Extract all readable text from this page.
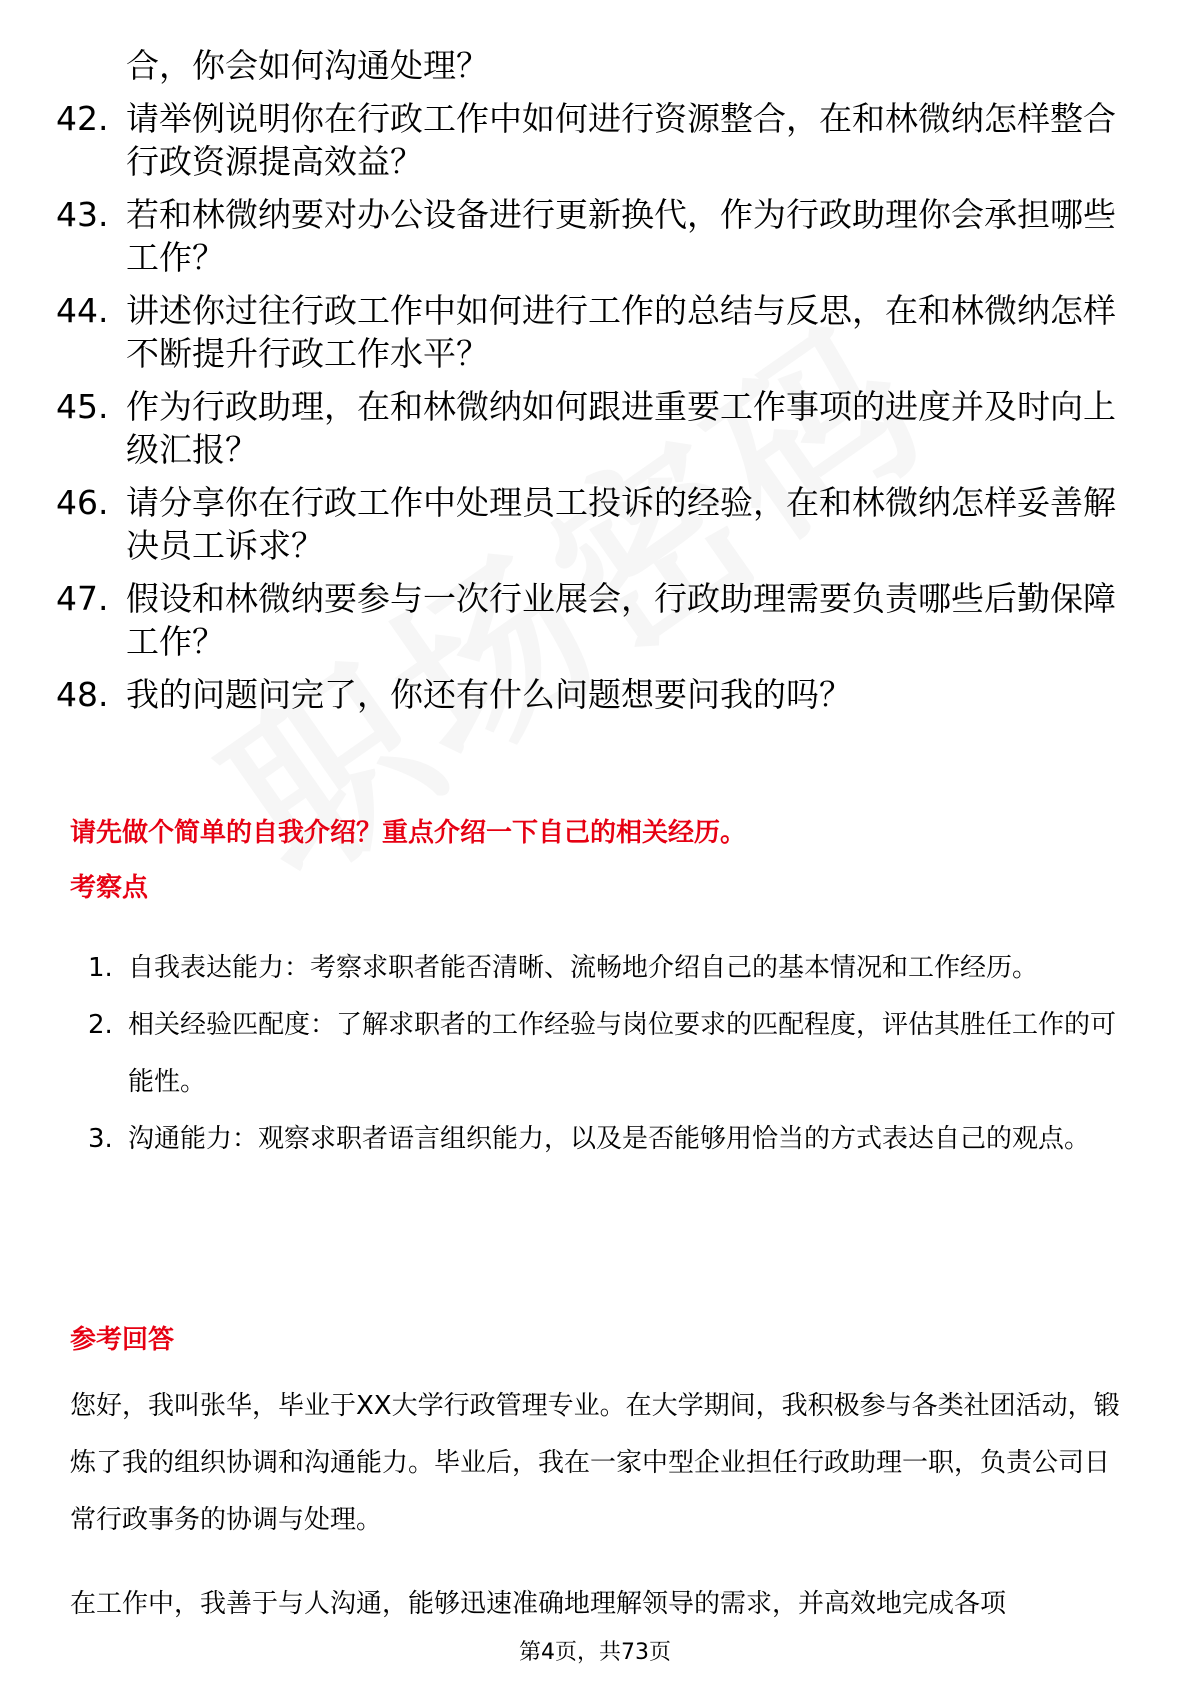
合，你会如何沟通处理？
42. 请举例说明你在行政工作中如何进行资源整合，在和林微纳怎样整合行政资源提高效益？
43. 若和林微纳要对办公设备进行更新换代，作为行政助理你会承担哪些工作？
44. 讲述你过往行政工作中如何进行工作的总结与反思，在和林微纳怎样不断提升行政工作水平？
45. 作为行政助理，在和林微纳如何跟进重要工作事项的进度并及时向上级汇报？
46. 请分享你在行政工作中处理员工投诉的经验，在和林微纳怎样妥善解决员工诉求？
47. 假设和林微纳要参与一次行业展会，行政助理需要负责哪些后勤保障工作？
48. 我的问题问完了，你还有什么问题想要问我的吗？
请先做个简单的自我介绍？重点介绍一下自己的相关经历。
考察点
1. 自我表达能力：考察求职者能否清晰、流畅地介绍自己的基本情况和工作经历。
2. 相关经验匹配度：了解求职者的工作经验与岗位要求的匹配程度，评估其胜任工作的可能性。
3. 沟通能力：观察求职者语言组织能力，以及是否能够用恰当的方式表达自己的观点。
参考回答

您好，我叫张华，毕业于XX大学行政管理专业。在大学期间，我积极参与各类社团活动，锻炼了我的组织协调和沟通能力。毕业后，我在一家中型企业担任行政助理一职，负责公司日常行政事务的协调与处理。

在工作中，我善于与人沟通，能够迅速准确地理解领导的需求，并高效地完成各项

第4页，共73页
